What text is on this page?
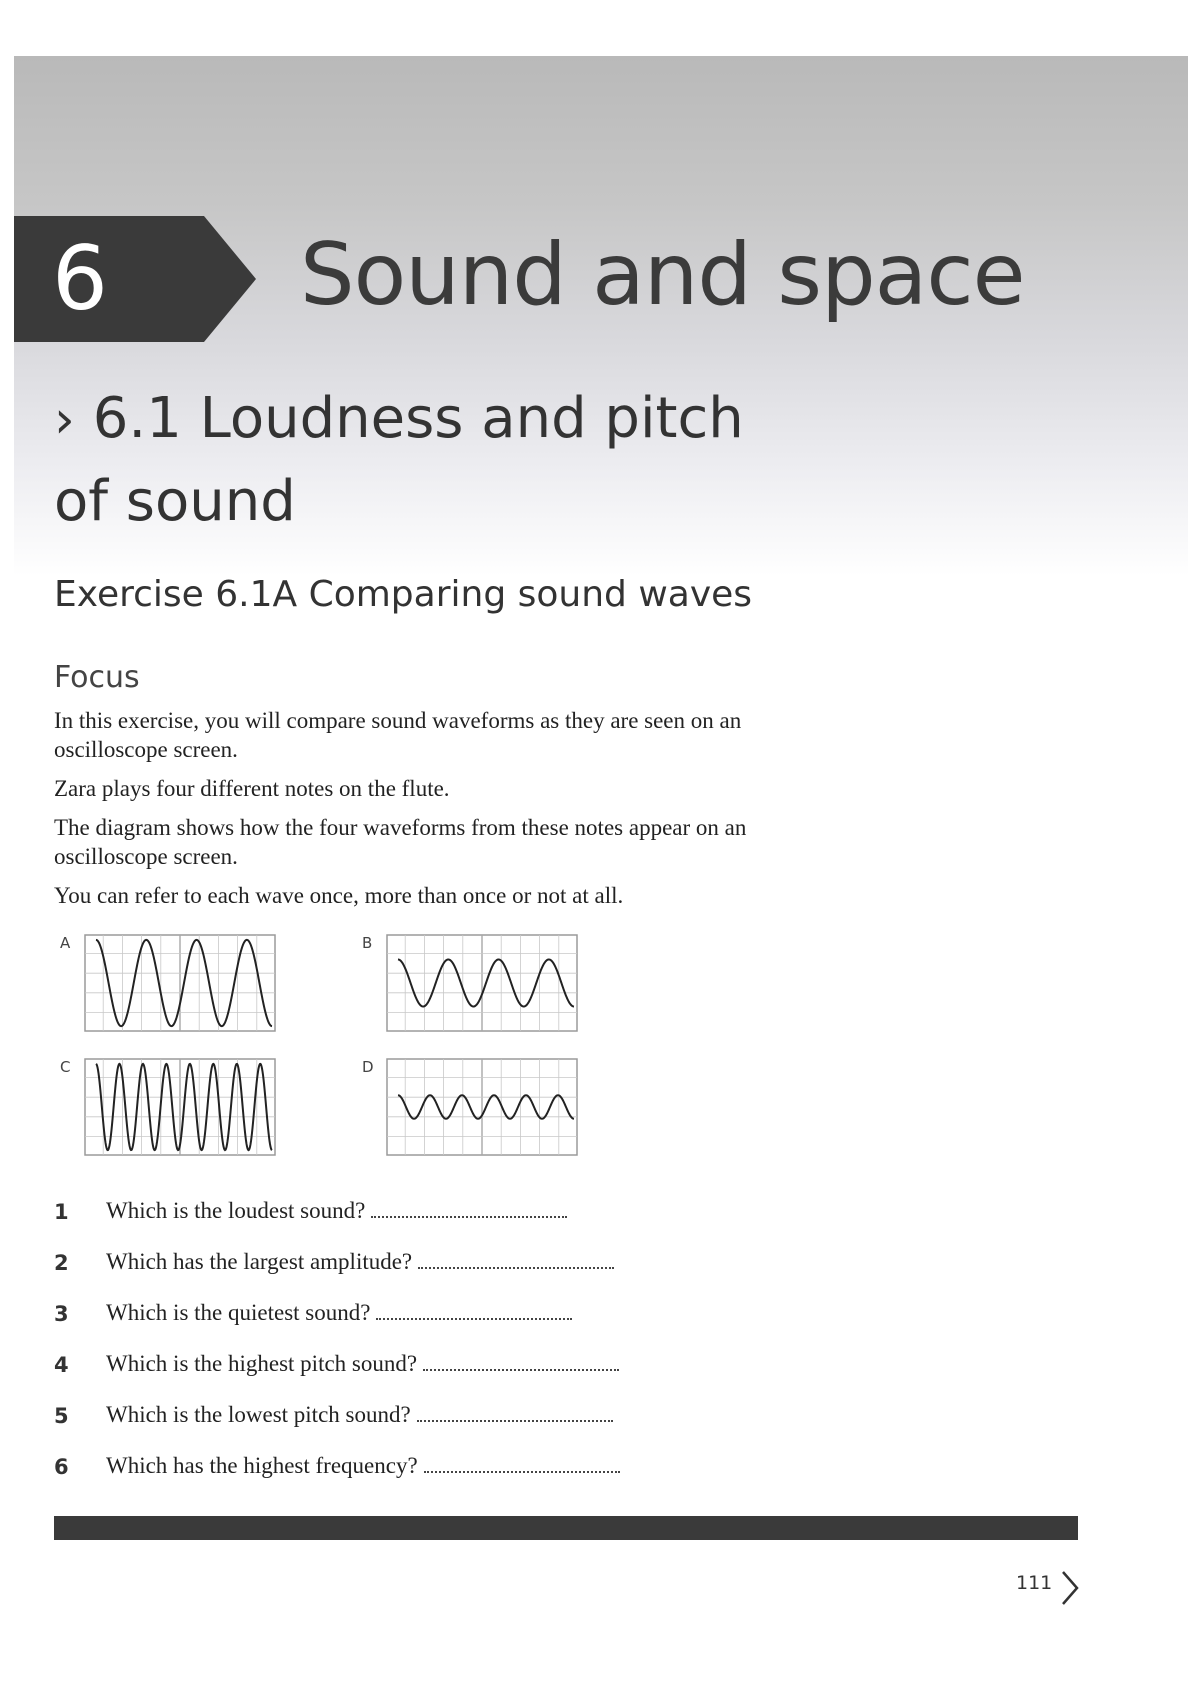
6 Sound and space
› 6.1 Loudness and pitch of sound
Exercise 6.1A Comparing sound waves
Focus

In this exercise, you will compare sound waveforms as they are seen on an oscilloscope screen.

Zara plays four different notes on the flute.

The diagram shows how the four waveforms from these notes appear on an oscilloscope screen.

You can refer to each wave once, more than once or not at all.

A	B
C	D
1 Which is the loudest sound?
2 Which has the largest amplitude?
3 Which is the quietest sound?
4 Which is the highest pitch sound?
5 Which is the lowest pitch sound?
6 Which has the highest frequency?
111
